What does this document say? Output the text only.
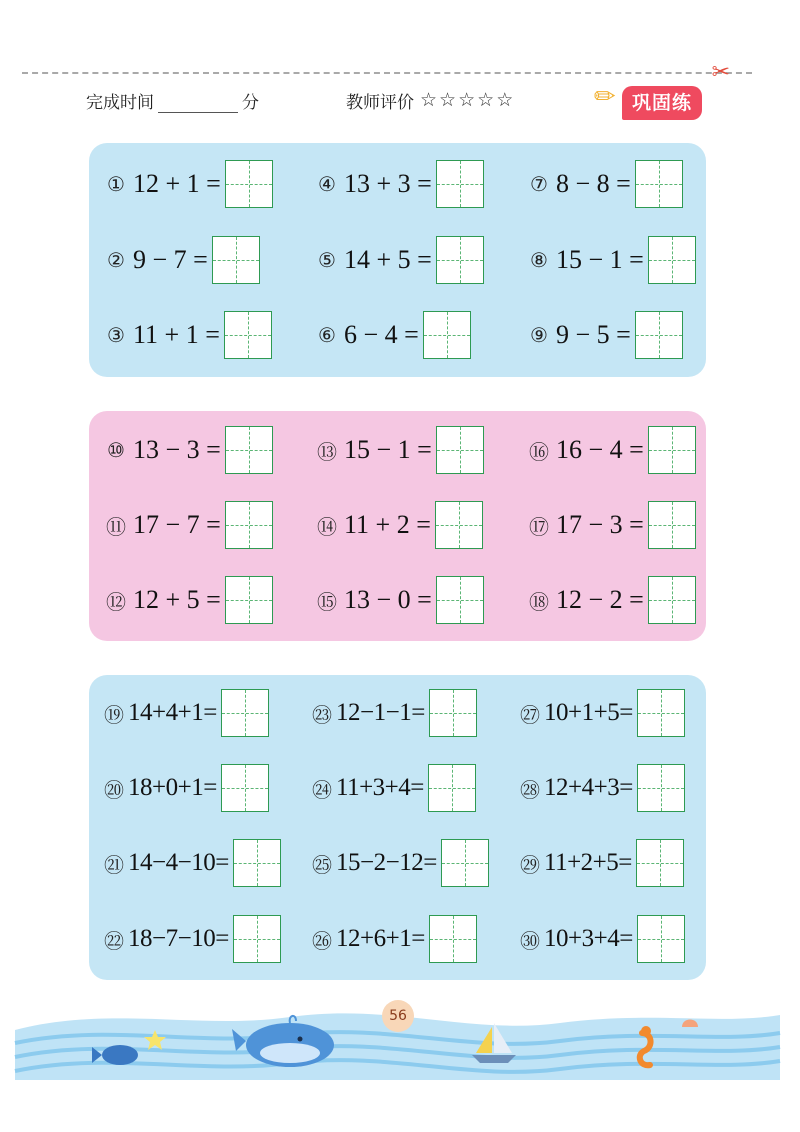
✂
完成时间	分	教师评价 ☆ ☆ ☆ ☆ ☆	✏ 巩固练
① 12 + 1 =
② 9 − 7 =
③ 11 + 1 =
④ 13 + 3 =
⑤ 14 + 5 =
⑥ 6 − 4 =
⑦ 8 − 8 =
⑧ 15 − 1 =
⑨ 9 − 5 =
⑩ 13 − 3 =
⑪ 17 − 7 =
⑫ 12 + 5 =
⑬ 15 − 1 =
⑭ 11 + 2 =
⑮ 13 − 0 =
⑯ 16 − 4 =
⑰ 17 − 3 =
⑱ 12 − 2 =
⑲ 14+4+1=
⑳ 18+0+1=
㉑ 14−4−10=
㉒ 18−7−10=
㉓ 12−1−1=
㉔ 11+3+4=
㉕ 15−2−12=
㉖ 12+6+1=
㉗ 10+1+5=
㉘ 12+4+3=
㉙ 11+2+5=
㉚ 10+3+4=
56
